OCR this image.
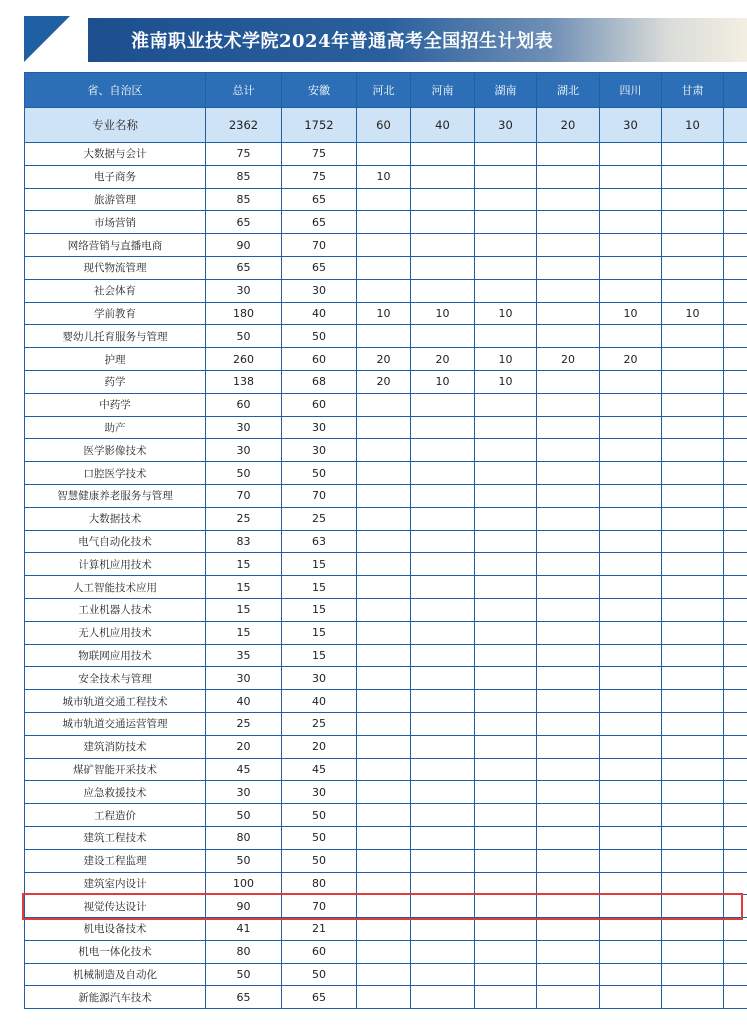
淮南职业技术学院2024年普通高考全国招生计划表
省、自治区	总计	安徽	河北	河南	湖南	湖北	四川	甘肃	
专业名称	2362	1752	60	40	30	20	30	10	
大数据与会计	75	75							
电子商务	85	75	10						
旅游管理	85	65							
市场营销	65	65							
网络营销与直播电商	90	70							
现代物流管理	65	65							
社会体育	30	30							
学前教育	180	40	10	10	10		10	10	
婴幼儿托育服务与管理	50	50							
护理	260	60	20	20	10	20	20		
药学	138	68	20	10	10				
中药学	60	60							
助产	30	30							
医学影像技术	30	30							
口腔医学技术	50	50							
智慧健康养老服务与管理	70	70							
大数据技术	25	25							
电气自动化技术	83	63							
计算机应用技术	15	15							
人工智能技术应用	15	15							
工业机器人技术	15	15							
无人机应用技术	15	15							
物联网应用技术	35	15							
安全技术与管理	30	30							
城市轨道交通工程技术	40	40							
城市轨道交通运营管理	25	25							
建筑消防技术	20	20							
煤矿智能开采技术	45	45							
应急救援技术	30	30							
工程造价	50	50							
建筑工程技术	80	50							
建设工程监理	50	50							
建筑室内设计	100	80							
视觉传达设计	90	70							
机电设备技术	41	21							
机电一体化技术	80	60							
机械制造及自动化	50	50							
新能源汽车技术	65	65							
